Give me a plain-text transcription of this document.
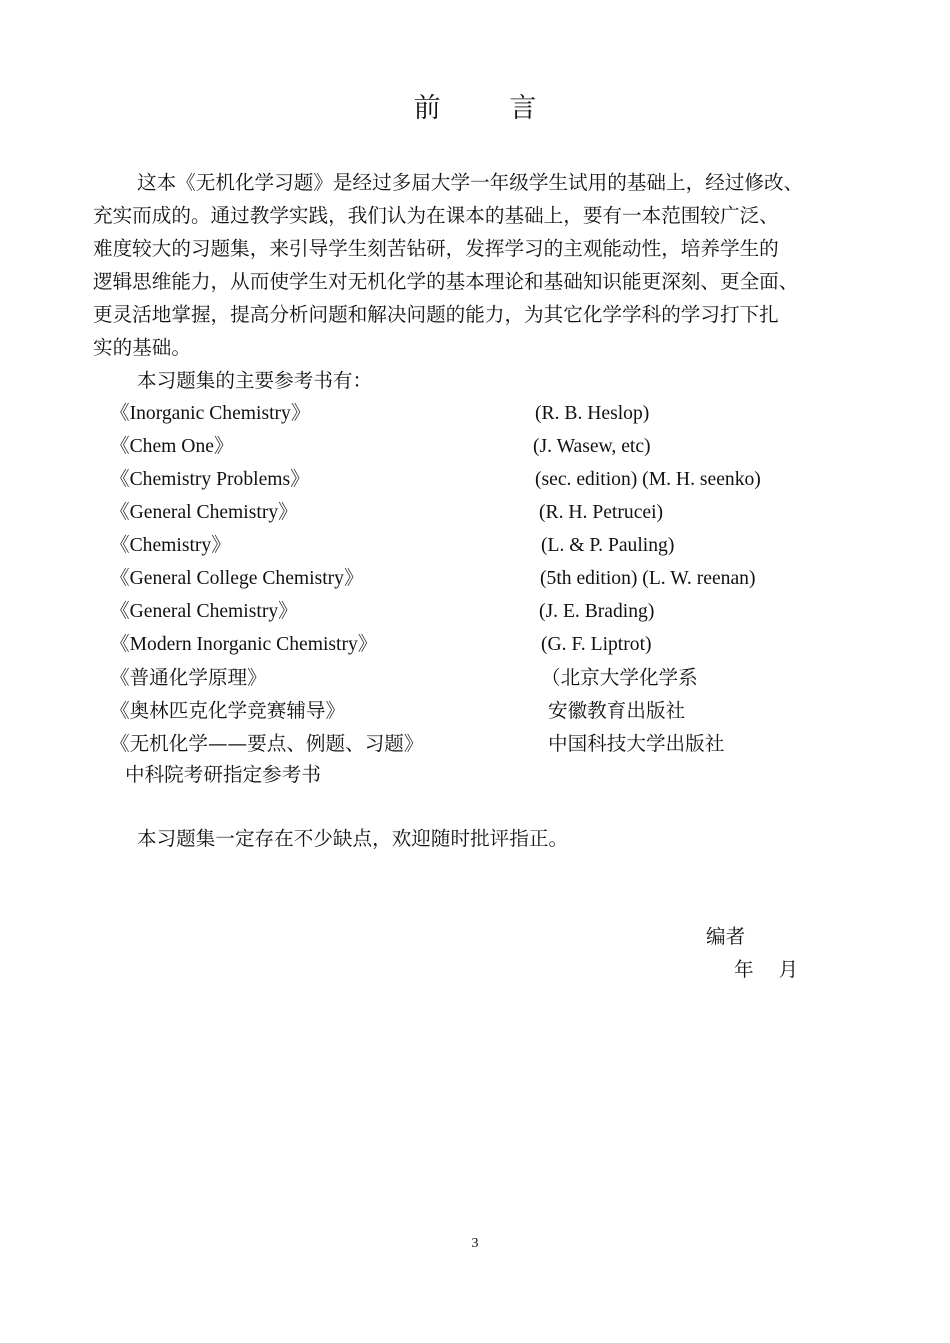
前        言
这本《无机化学习题》是经过多届大学一年级学生试用的基础上，经过修改、
充实而成的。通过教学实践，我们认为在课本的基础上，要有一本范围较广泛、
难度较大的习题集，来引导学生刻苦钻研，发挥学习的主观能动性，培养学生的
逻辑思维能力，从而使学生对无机化学的基本理论和基础知识能更深刻、更全面、
更灵活地掌握，提高分析问题和解决问题的能力，为其它化学学科的学习打下扎
实的基础。
本习题集的主要参考书有：
《Inorganic Chemistry》	(R. B. Heslop)
《Chem One》	(J. Wasew, etc)
《Chemistry Problems》	(sec. edition) (M. H. seenko)
《General Chemistry》	(R. H. Petrucei)
《Chemistry》	(L. & P. Pauling)
《General College Chemistry》	(5th edition) (L. W. reenan)
《General Chemistry》	(J. E. Brading)
《Modern Inorganic Chemistry》	(G. F. Liptrot)
《普通化学原理》	（北京大学化学系
《奥林匹克化学竞赛辅导》	安徽教育出版社
《无机化学——要点、例题、习题》	中国科技大学出版社
中科院考研指定参考书
本习题集一定存在不少缺点，欢迎随时批评指正。
编者
年    月
3
